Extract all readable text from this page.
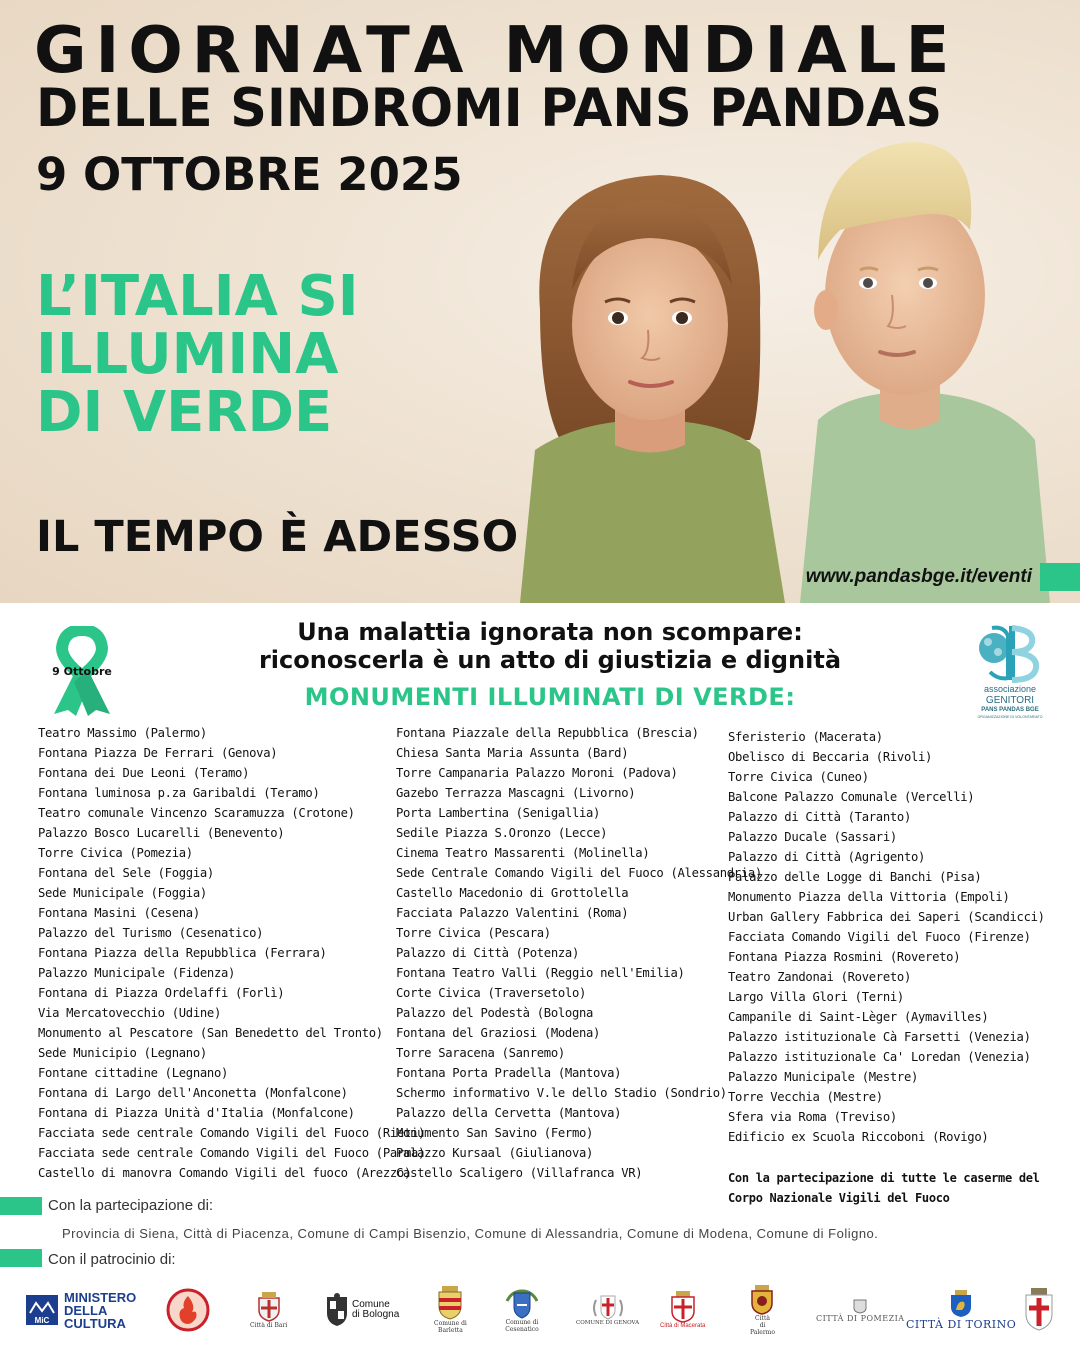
GIORNATA MONDIALE
DELLE SINDROMI PANS PANDAS
9 OTTOBRE 2025
L’ITALIA SI
ILLUMINA
DI VERDE
IL TEMPO È ADESSO
www.pandasbge.it/eventi
9 Ottobre
Una malattia ignorata non scompare:
riconoscerla è un atto di giustizia e dignità
MONUMENTI ILLUMINATI DI VERDE:	associazione
GENITORI
PANS PANDAS BGE
ORGANIZZAZIONE DI VOLONTARIATO
Teatro Massimo (Palermo)
Fontana Piazza De Ferrari (Genova)
Fontana dei Due Leoni (Teramo)
Fontana luminosa p.za Garibaldi (Teramo)
Teatro comunale Vincenzo Scaramuzza (Crotone)
Palazzo Bosco Lucarelli (Benevento)
Torre Civica (Pomezia)
Fontana del Sele (Foggia)
Sede Municipale (Foggia)
Fontana Masini (Cesena)
Palazzo del Turismo (Cesenatico)
Fontana Piazza della Repubblica (Ferrara)
Palazzo Municipale (Fidenza)
Fontana di Piazza Ordelaffi (Forlì)
Via Mercatovecchio (Udine)
Monumento al Pescatore (San Benedetto del Tronto)
Sede Municipio (Legnano)
Fontane cittadine (Legnano)
Fontana di Largo dell'Anconetta (Monfalcone)
Fontana di Piazza Unità d'Italia (Monfalcone)
Facciata sede centrale Comando Vigili del Fuoco (Rieti)
Facciata sede centrale Comando Vigili del Fuoco (Parma)
Castello di manovra Comando Vigili del fuoco (Arezzo)
Fontana Piazzale della Repubblica (Brescia)
Chiesa Santa Maria Assunta (Bard)
Torre Campanaria Palazzo Moroni (Padova)
Gazebo Terrazza Mascagni (Livorno)
Porta Lambertina (Senigallia)
Sedile Piazza S.Oronzo (Lecce)
Cinema Teatro Massarenti (Molinella)
Sede Centrale Comando Vigili del Fuoco (Alessandria)
Castello Macedonio di Grottolella
Facciata Palazzo Valentini (Roma)
Torre Civica (Pescara)
Palazzo di Città (Potenza)
Fontana Teatro Valli (Reggio nell'Emilia)
Corte Civica (Traversetolo)
Palazzo del Podestà (Bologna
Fontana del Graziosi (Modena)
Torre Saracena (Sanremo)
Fontana Porta Pradella (Mantova)
Schermo informativo V.le dello Stadio (Sondrio)
Palazzo della Cervetta (Mantova)
Monumento San Savino (Fermo)
Palazzo Kursaal (Giulianova)
Castello Scaligero (Villafranca VR)
Sferisterio (Macerata)
Obelisco di Beccaria (Rivoli)
Torre Civica (Cuneo)
Balcone Palazzo Comunale (Vercelli)
Palazzo di Città (Taranto)
Palazzo Ducale (Sassari)
Palazzo di Città (Agrigento)
Palazzo delle Logge di Banchi (Pisa)
Monumento Piazza della Vittoria (Empoli)
Urban Gallery Fabbrica dei Saperi (Scandicci)
Facciata Comando Vigili del Fuoco (Firenze)
Fontana Piazza Rosmini (Rovereto)
Teatro Zandonai (Rovereto)
Largo Villa Glori (Terni)
Campanile di Saint-Lèger (Aymavilles)
Palazzo istituzionale Cà Farsetti (Venezia)
Palazzo istituzionale Ca' Loredan (Venezia)
Palazzo Municipale (Mestre)
Torre Vecchia (Mestre)
Sfera via Roma (Treviso)
Edificio ex Scuola Riccoboni (Rovigo)
Con la partecipazione di tutte le caserme del
Corpo Nazionale Vigili del Fuoco
Con la partecipazione di:
Provincia di Siena, Città di Piacenza, Comune di Campi Bisenzio, Comune di Alessandria, Comune di Modena, Comune di Foligno.
Con il patrocinio di:
MiC
MINISTERO
DELLA
CULTURA	Città di Bari
Comune
di Bologna
Comune di
Barletta
Comune di
Cesenatico
COMUNE DI GENOVA
Città di Macerata
Città
di
Palermo
CITTÀ DI POMEZIA CITTÀ DI TORINO
